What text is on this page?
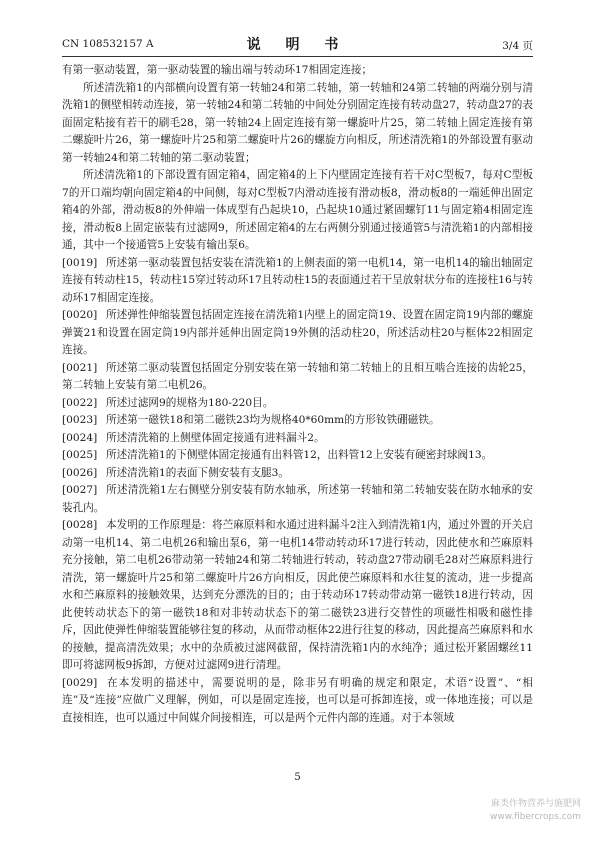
CN 108532157 A	说 明 书	3/4 页

有第一驱动装置，第一驱动装置的输出端与转动环17相固定连接；

所述清洗箱1的内部横向设置有第一转轴24和第二转轴，第一转轴和24第二转轴的两端分别与清洗箱1的侧壁相转动连接，第一转轴24和第二转轴的中间处分别固定连接有转动盘27，转动盘27的表面固定粘接有若干的刷毛28，第一转轴24上固定连接有第一螺旋叶片25，第二转轴上固定连接有第二螺旋叶片26，第一螺旋叶片25和第二螺旋叶片26的螺旋方向相反，所述清洗箱1的外部设置有驱动第一转轴24和第二转轴的第二驱动装置；

所述清洗箱1的下部设置有固定箱4，固定箱4的上下内壁固定连接有若干对C型板7，每对C型板7的开口端均朝向固定箱4的中间侧，每对C型板7内滑动连接有滑动板8，滑动板8的一端延伸出固定箱4的外部，滑动板8的外伸端一体成型有凸起块10，凸起块10通过紧固螺钉11与固定箱4相固定连接，滑动板8上固定嵌装有过滤网9，所述固定箱4的左右两侧分别通过接通管5与清洗箱1的内部相接通，其中一个接通管5上安装有输出泵6。

[0019] 所述第一驱动装置包括安装在清洗箱1的上侧表面的第一电机14，第一电机14的输出轴固定连接有转动柱15，转动柱15穿过转动环17且转动柱15的表面通过若干呈放射状分布的连接柱16与转动环17相固定连接。

[0020] 所述弹性伸缩装置包括固定连接在清洗箱1内壁上的固定筒19、设置在固定筒19内部的螺旋弹簧21和设置在固定筒19内部并延伸出固定筒19外侧的活动柱20，所述活动柱20与框体22相固定连接。

[0021] 所述第二驱动装置包括固定分别安装在第一转轴和第二转轴上的且相互啮合连接的齿轮25，第二转轴上安装有第二电机26。

[0022] 所述过滤网9的规格为180-220目。

[0023] 所述第一磁铁18和第二磁铁23均为规格40*60mm的方形钕铁硼磁铁。

[0024] 所述清洗箱的上侧壁体固定接通有进料漏斗2。

[0025] 所述清洗箱1的下侧壁体固定接通有出料管12，出料管12上安装有硬密封球阀13。

[0026] 所述清洗箱1的表面下侧安装有支腿3。

[0027] 所述清洗箱1左右侧壁分别安装有防水轴承，所述第一转轴和第二转轴安装在防水轴承的安装孔内。

[0028] 本发明的工作原理是：将苎麻原料和水通过进料漏斗2注入到清洗箱1内，通过外置的开关启动第一电机14、第二电机26和输出泵6，第一电机14带动转动环17进行转动，因此使水和苎麻原料充分接触，第二电机26带动第一转轴24和第二转轴进行转动，转动盘27带动刷毛28对苎麻原料进行清洗，第一螺旋叶片25和第二螺旋叶片26方向相反，因此使苎麻原料和水往复的流动，进一步提高水和苎麻原料的接触效果，达到充分漂洗的目的；由于转动环17转动带动第一磁铁18进行转动，因此使转动状态下的第一磁铁18和对非转动状态下的第二磁铁23进行交替性的项磁性相吸和磁性排斥，因此使弹性伸缩装置能够往复的移动，从而带动框体22进行往复的移动，因此提高苎麻原料和水的接触，提高清洗效果；水中的杂质被过滤网截留，保持清洗箱1内的水纯净；通过松开紧固螺丝11即可将滤网板9拆卸，方便对过滤网9进行清理。

[0029] 在本发明的描述中，需要说明的是，除非另有明确的规定和限定，术语“设置”、“相连”及“连接”应做广义理解，例如，可以是固定连接，也可以是可拆卸连接，或一体地连接；可以是直接相连，也可以通过中间媒介间接相连，可以是两个元件内部的连通。对于本领域

5
麻类作物营养与施肥网
www.fibercrops.com
